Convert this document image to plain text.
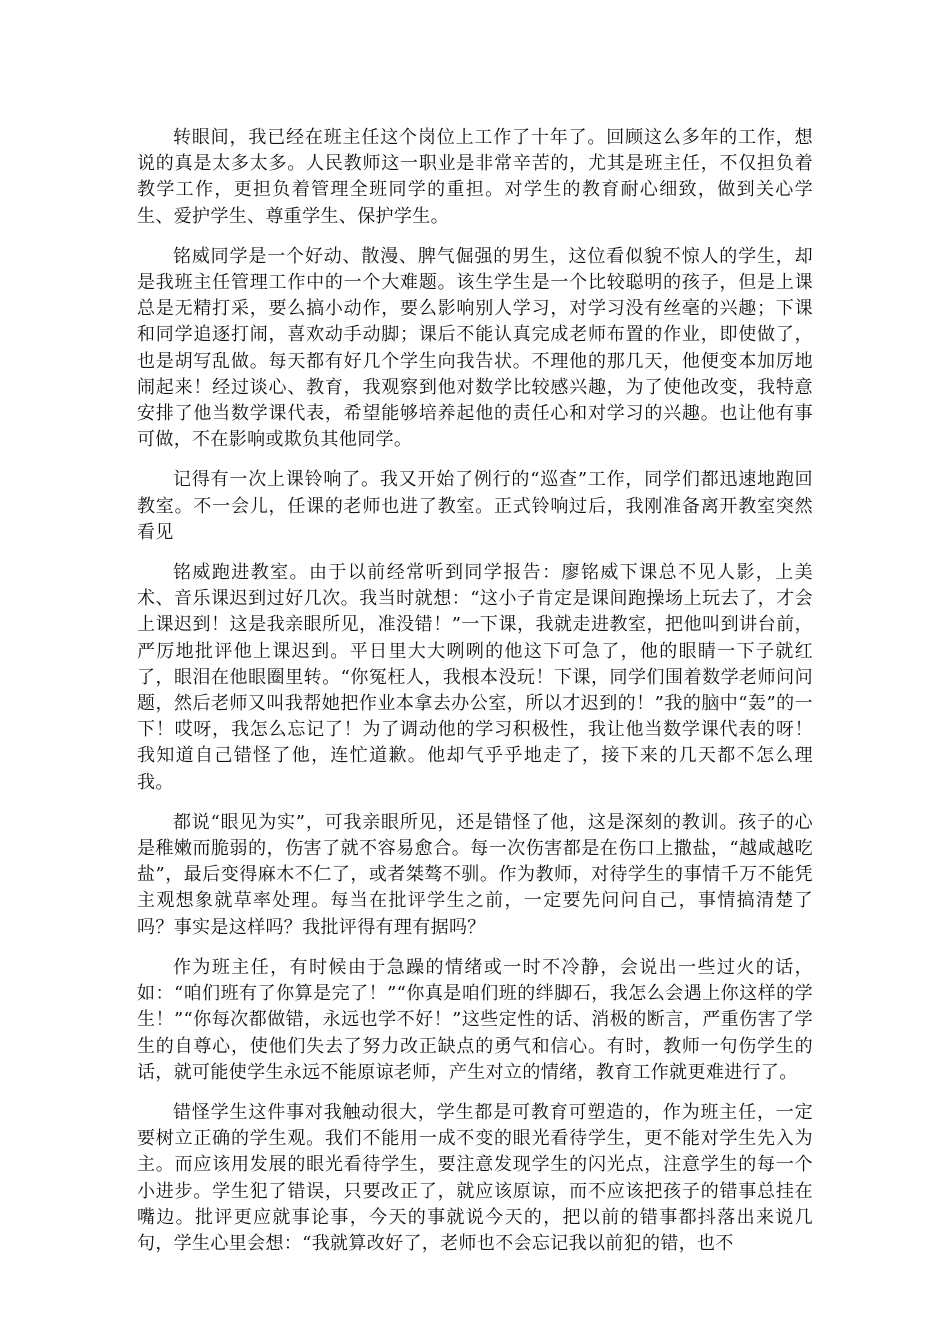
转眼间，我已经在班主任这个岗位上工作了十年了。回顾这么多年的工作，想说的真是太多太多。人民教师这一职业是非常辛苦的，尤其是班主任，不仅担负着教学工作，更担负着管理全班同学的重担。对学生的教育耐心细致，做到关心学生、爱护学生、尊重学生、保护学生。

铭威同学是一个好动、散漫、脾气倔强的男生，这位看似貌不惊人的学生，却是我班主任管理工作中的一个大难题。该生学生是一个比较聪明的孩子，但是上课总是无精打采，要么搞小动作，要么影响别人学习，对学习没有丝毫的兴趣；下课和同学追逐打闹，喜欢动手动脚；课后不能认真完成老师布置的作业，即使做了，也是胡写乱做。每天都有好几个学生向我告状。不理他的那几天，他便变本加厉地闹起来！经过谈心、教育，我观察到他对数学比较感兴趣，为了使他改变，我特意安排了他当数学课代表，希望能够培养起他的责任心和对学习的兴趣。也让他有事可做，不在影响或欺负其他同学。

记得有一次上课铃响了。我又开始了例行的“巡查”工作，同学们都迅速地跑回教室。不一会儿，任课的老师也进了教室。正式铃响过后，我刚准备离开教室突然看见

铭威跑进教室。由于以前经常听到同学报告：廖铭威下课总不见人影，上美术、音乐课迟到过好几次。我当时就想：“这小子肯定是课间跑操场上玩去了，才会上课迟到！这是我亲眼所见，准没错！”一下课，我就走进教室，把他叫到讲台前，严厉地批评他上课迟到。平日里大大咧咧的他这下可急了，他的眼睛一下子就红了，眼泪在他眼圈里转。“你冤枉人，我根本没玩！下课，同学们围着数学老师问问题，然后老师又叫我帮她把作业本拿去办公室，所以才迟到的！”我的脑中“轰”的一下！哎呀，我怎么忘记了！为了调动他的学习积极性，我让他当数学课代表的呀！我知道自己错怪了他，连忙道歉。他却气乎乎地走了，接下来的几天都不怎么理我。

都说“眼见为实”，可我亲眼所见，还是错怪了他，这是深刻的教训。孩子的心是稚嫩而脆弱的，伤害了就不容易愈合。每一次伤害都是在伤口上撒盐，“越咸越吃盐”，最后变得麻木不仁了，或者桀骜不驯。作为教师，对待学生的事情千万不能凭主观想象就草率处理。每当在批评学生之前，一定要先问问自己，事情搞清楚了吗？事实是这样吗？我批评得有理有据吗？

作为班主任，有时候由于急躁的情绪或一时不冷静，会说出一些过火的话，如：“咱们班有了你算是完了！”“你真是咱们班的绊脚石，我怎么会遇上你这样的学生！”“你每次都做错，永远也学不好！”这些定性的话、消极的断言，严重伤害了学生的自尊心，使他们失去了努力改正缺点的勇气和信心。有时，教师一句伤学生的话，就可能使学生永远不能原谅老师，产生对立的情绪，教育工作就更难进行了。

错怪学生这件事对我触动很大，学生都是可教育可塑造的，作为班主任，一定要树立正确的学生观。我们不能用一成不变的眼光看待学生，更不能对学生先入为主。而应该用发展的眼光看待学生，要注意发现学生的闪光点，注意学生的每一个小进步。学生犯了错误，只要改正了，就应该原谅，而不应该把孩子的错事总挂在嘴边。批评更应就事论事，今天的事就说今天的，把以前的错事都抖落出来说几句，学生心里会想：“我就算改好了，老师也不会忘记我以前犯的错，也不
